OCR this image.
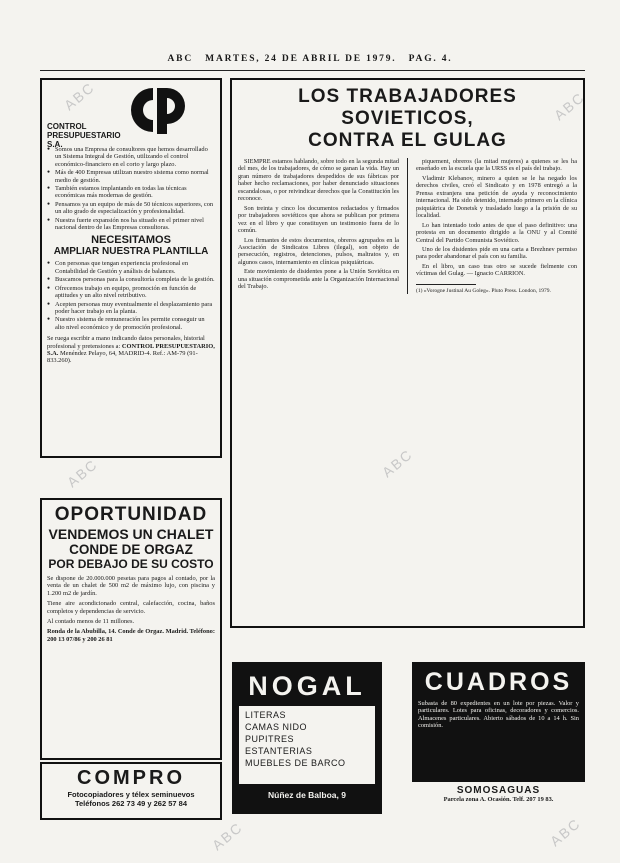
ABC	ABC
ABC	ABC
ABC	ABC
ABC MARTES, 24 DE ABRIL DE 1979. PAG. 4.
CONTROL PRESUPUESTARIO S.A.
● Somos una Empresa de consultores que hemos desarrollado un Sistema Integral de Gestión, utilizando el control económico-financiero en el corto y largo plazo.
● Más de 400 Empresas utilizan nuestro sistema como normal medio de gestión.
● También estamos implantando en todas las técnicas económicas más modernas de gestión.
● Pensamos ya un equipo de más de 50 técnicos superiores, con un alto grado de especialización y profesionalidad.
● Nuestra fuerte expansión nos ha situado en el primer nivel nacional dentro de las Empresas consultoras.
NECESITAMOS
AMPLIAR NUESTRA PLANTILLA
● Con personas que tengan experiencia profesional en Contabilidad de Gestión y análisis de balances.
● Buscamos personas para la consultoría completa de la gestión.
● Ofrecemos trabajo en equipo, promoción en función de aptitudes y un alto nivel retributivo.
● Acepten personas muy eventualmente el desplazamiento para poder hacer trabajo en la planta.
● Nuestro sistema de remuneración les permite conseguir un alto nivel económico y de promoción profesional.
Se ruega escribir a mano indicando datos personales, historial profesional y pretensiones a: CONTROL PRESUPUESTARIO, S.A. Menéndez Pelayo, 64, MADRID-4. Ref.: AM-79 (91-833.260).
LOS TRABAJADORES SOVIETICOS,
CONTRA EL GULAG

SIEMPRE estamos hablando, sobre todo en la segunda mitad del mes, de los trabajadores, de cómo se ganan la vida. Hay un gran número de trabajadores despedidos de sus fábricas por haber hecho reclamaciones, por haber denunciado situaciones escandalosas, o por reivindicar derechos que la Constitución les reconoce.

Son treinta y cinco los documentos redactados y firmados por trabajadores soviéticos que ahora se publican por primera vez en el libro y que constituyen un testimonio fuera de lo común.

Los firmantes de estos documentos, obreros agrupados en la Asociación de Sindicatos Libres (ilegal), son objeto de persecución, registros, detenciones, pulsos, maltratos y, en algunos casos, internamiento en clínicas psiquiátricas.

Este movimiento de disidentes pone a la Unión Soviética en una situación comprometida ante la Organización Internacional del Trabajo.

piquement, obreros (la mitad mujeres) a quienes se les ha enseñado en la escuela que la URSS es el país del trabajo.

Vladimir Klebanov, minero a quien se le ha negado los derechos civiles, creó el Sindicato y en 1978 entregó a la Prensa extranjera una petición de ayuda y reconocimiento internacional. Ha sido detenido, internado primero en la clínica psiquiátrica de Donetsk y trasladado luego a la prisión de su localidad.

Lo han intentado todo antes de que el paso definitivo: una protesta en un documento dirigido a la ONU y al Comité Central del Partido Comunista Soviético.

Uno de los disidentes pide en una carta a Brezhnev permiso para poder abandonar el país con su familia.

En el libro, un caso tras otro se sucede fielmente con víctimas del Gulag. — Ignacio CARRION.

(1) «Vorogne Justinal Au Goleg». Pluto Press. London, 1979.
OPORTUNIDAD
VENDEMOS UN CHALET
CONDE DE ORGAZ
POR DEBAJO DE SU COSTO

Se dispone de 20.000.000 pesetas para pagos al contado, por la venta de un chalet de 500 m2 de máximo lujo, con piscina y 1.200 m2 de jardín.

Tiene aire acondicionado central, calefacción, cocina, baños completos y dependencias de servicio.

Al contado menos de 11 millones.

Ronda de la Abubilla, 14. Conde de Orgaz. Madrid. Teléfono: 200 13 07/86 y 200 26 81

COMPRO
Fotocopiadores y télex seminuevos
Teléfonos 262 73 49 y 262 57 84
NOGAL
LITERAS
CAMAS NIDO
PUPITRES
ESTANTERIAS
MUEBLES DE BARCO
Núñez de Balboa, 9
CUADROS
Subasta de 80 expedientes en un lote por piezas. Valor y particulares. Lotes para oficinas, decoradores y comercios. Almacenes particulares. Abierto sábados de 10 a 14 h. Sin comisión.
SOMOSAGUAS
Parcela zona A. Ocasión. Telf. 207 19 83.
